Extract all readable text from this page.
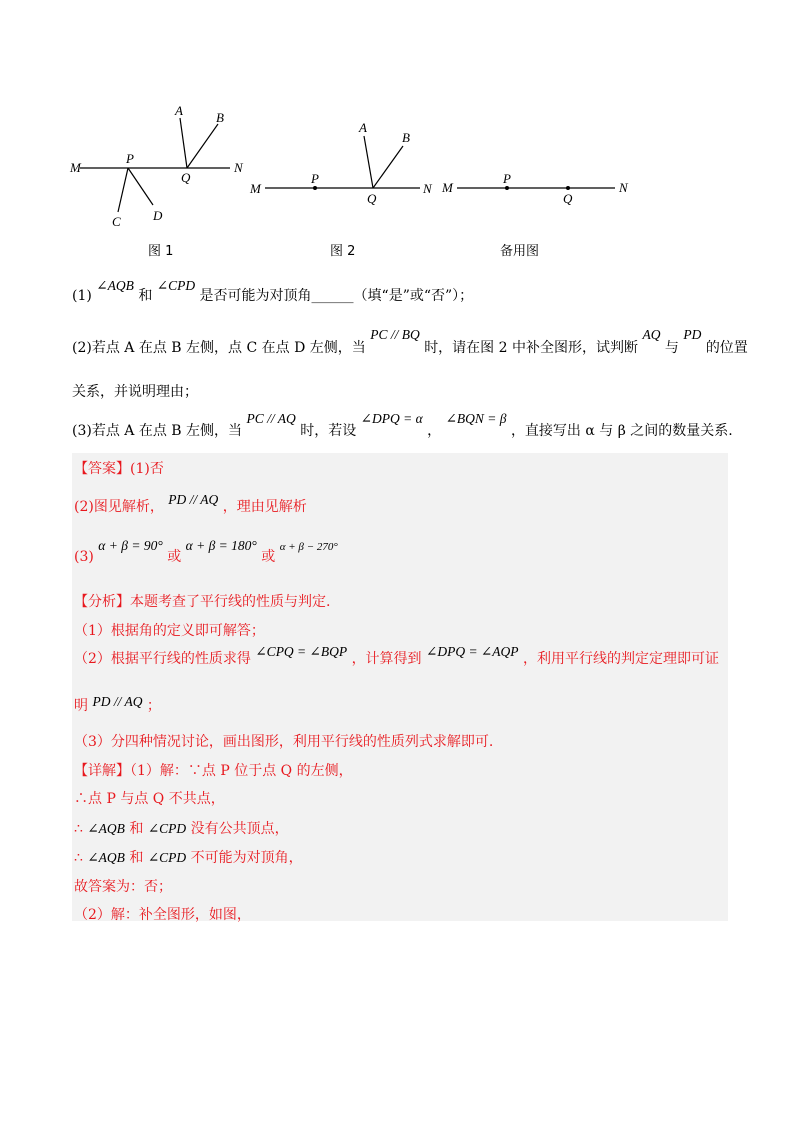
M
P
Q
N
A	B
C D
图 1
M
P
Q
N
A
B
图 2
M
P
Q
N
备用图
(1) ∠AQB 和 ∠CPD 是否可能为对顶角______（填“是”或“否”）；
(2)若点 A 在点 B 左侧，点 C 在点 D 左侧，当 PC // BQ 时，请在图 2 中补全图形，试判断 AQ 与 PD 的位置
关系，并说明理由；
(3)若点 A 在点 B 左侧，当 PC // AQ 时，若设 ∠DPQ = α ， ∠BQN = β ，直接写出 α 与 β 之间的数量关系.
【答案】(1)否
(2)图见解析， PD // AQ ，理由见解析
(3) α + β = 90° 或 α + β = 180° 或 α + β − 270°
【分析】本题考查了平行线的性质与判定.
（1）根据角的定义即可解答；
（2）根据平行线的性质求得 ∠CPQ = ∠BQP ，计算得到 ∠DPQ = ∠AQP ，利用平行线的判定定理即可证
明 PD // AQ ；
（3）分四种情况讨论，画出图形，利用平行线的性质列式求解即可.
【详解】（1）解：∵点 P 位于点 Q 的左侧，
∴点 P 与点 Q 不共点，
∴ ∠AQB 和 ∠CPD 没有公共顶点，
∴ ∠AQB 和 ∠CPD 不可能为对顶角，
故答案为：否；
（2）解：补全图形，如图，
